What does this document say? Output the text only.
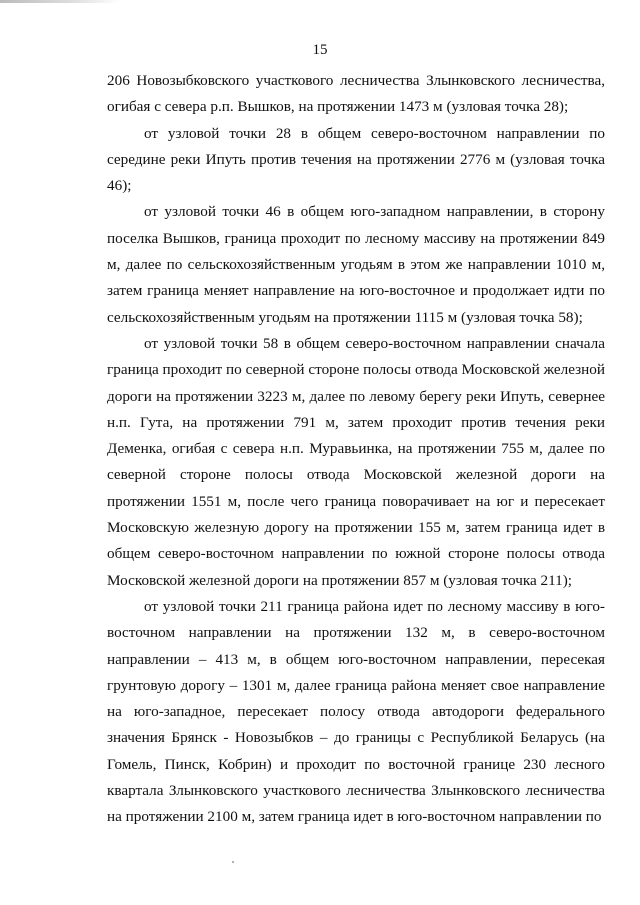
15

206 Новозыбковского участкового лесничества Злынковского лесничества, огибая с севера р.п. Вышков, на протяжении 1473 м (узловая точка 28);

от узловой точки 28 в общем северо-восточном направлении по середине реки Ипуть против течения на протяжении 2776 м (узловая точка 46);

от узловой точки 46 в общем юго-западном направлении, в сторону поселка Вышков, граница проходит по лесному массиву на протяжении 849 м, далее по сельскохозяйственным угодьям в этом же направлении 1010 м, затем граница меняет направление на юго-восточное и продолжает идти по сельскохозяйственным угодьям на протяжении 1115 м (узловая точка 58);

от узловой точки 58 в общем северо-восточном направлении сначала граница проходит по северной стороне полосы отвода Московской железной дороги на протяжении 3223 м, далее по левому берегу реки Ипуть, севернее н.п. Гута, на протяжении 791 м, затем проходит против течения реки Деменка, огибая с севера н.п. Муравьинка, на протяжении 755 м, далее по северной стороне полосы отвода Московской железной дороги на протяжении 1551 м, после чего граница поворачивает на юг и пересекает Московскую железную дорогу на протяжении 155 м, затем граница идет в общем северо-восточном направлении по южной стороне полосы отвода Московской железной дороги на протяжении 857 м (узловая точка 211);

от узловой точки 211 граница района идет по лесному массиву в юго-восточном направлении на протяжении 132 м, в северо-восточном направлении – 413 м, в общем юго-восточном направлении, пересекая грунтовую дорогу – 1301 м, далее граница района меняет свое направление на юго-западное, пересекает полосу отвода автодороги федерального значения Брянск - Новозыбков – до границы с Республикой Беларусь (на Гомель, Пинск, Кобрин) и проходит по восточной границе 230 лесного квартала Злынковского участкового лесничества Злынковского лесничества на протяжении 2100 м, затем граница идет в юго-восточном направлении по
